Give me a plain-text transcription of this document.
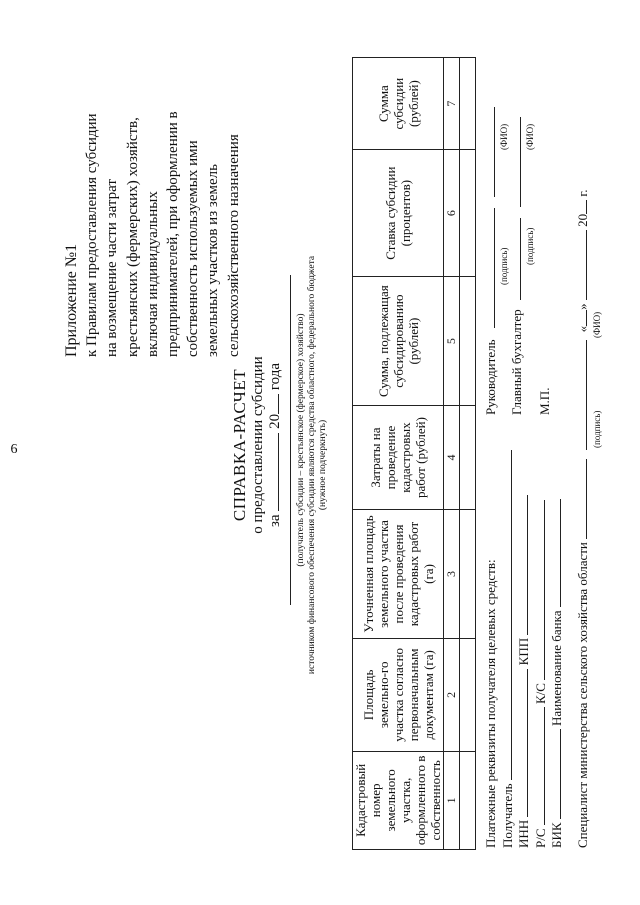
6
Приложение №1 к Правилам предоставления субсидии на возмещение части затрат крестьянских (фермерских) хозяйств, включая индивидуальных предпринимателей, при оформлении в собственность используемых ими земельных участков из земель сельскохозяйственного назначения
СПРАВКА-РАСЧЕТ о предоставлении субсидии за  20 года (получатель субсидии – крестьянское (фермерское) хозяйство) источником финансового обеспечения субсидии являются средства областного, федерального бюджета (нужное подчеркнуть)
Кадастровый номер земельного участка, оформленного в собственность	Площадь земельно-го участка согласно первоначальным документам (га)	Уточненная площадь земельного участка после проведения кадастровых работ (га)	Затраты на проведение кадастровых работ (рублей)	Сумма, подлежащая субсидированию (рублей)	Ставка субсидии (процентов)	Сумма субсидии (рублей)
1	2	3	4	5	6	7

Платежные реквизиты получателя целевых средств: Получатель ИНН  КПП
Р/С  К/С
БИК  Наименование банка
Руководитель
(подпись)
(ФИО)
Главный бухгалтер
(подпись)
(ФИО)
М.П.
Специалист министерства сельского хозяйства области   «»  20 г.
(подпись)
(ФИО)
